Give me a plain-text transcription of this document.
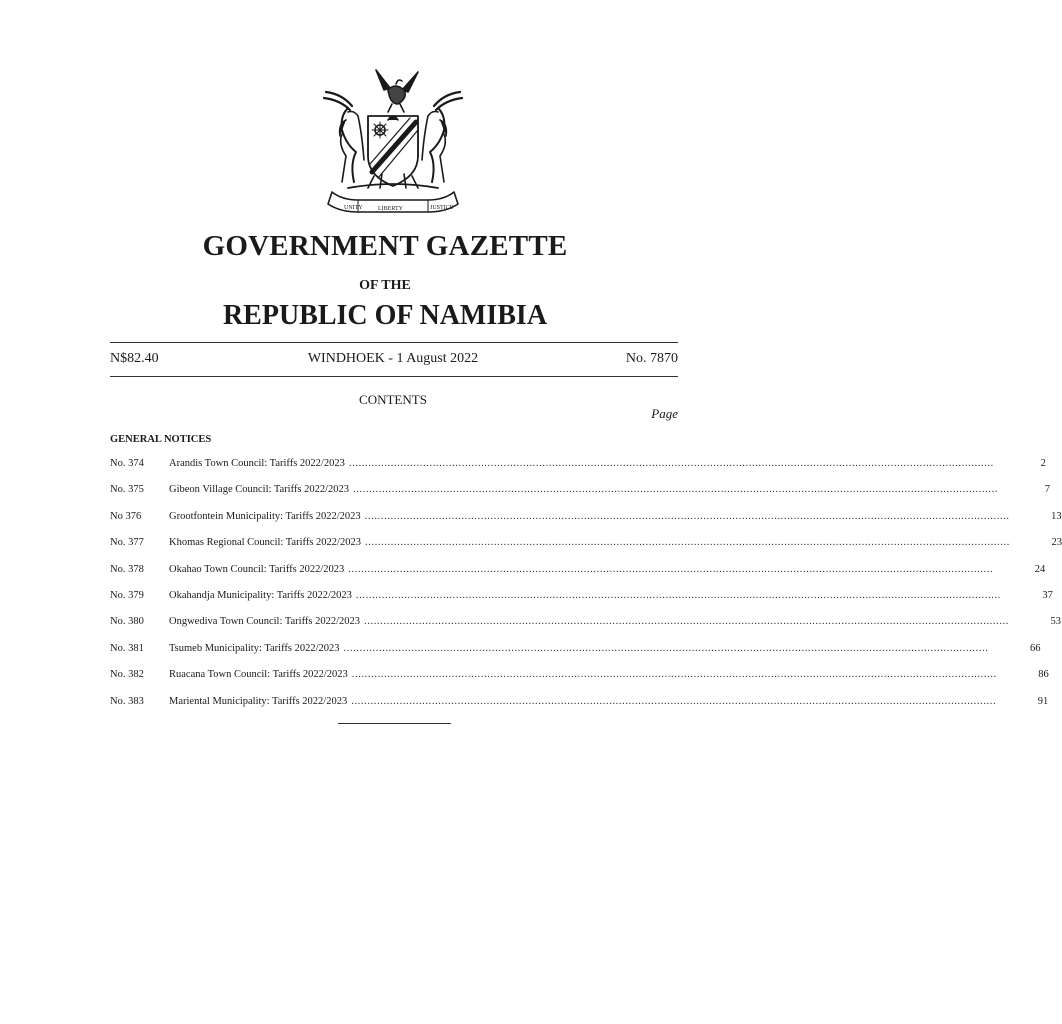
UNITY	LIBERTY	JUSTICE
GOVERNMENT GAZETTE
OF THE
REPUBLIC OF NAMIBIA
N$82.40	WINDHOEK - 1 August 2022	No. 7870
CONTENTS
Page
GENERAL NOTICES
No. 374	Arandis Town Council: Tariffs 2022/2023 ........................................................................................................................................................................................................	2
No. 375	Gibeon Village Council: Tariffs 2022/2023 ........................................................................................................................................................................................................	7
No 376	Grootfontein Municipality: Tariffs 2022/2023 ........................................................................................................................................................................................................	13
No. 377	Khomas Regional Council: Tariffs 2022/2023 ........................................................................................................................................................................................................	23
No. 378	Okahao Town Council: Tariffs 2022/2023 ........................................................................................................................................................................................................	24
No. 379	Okahandja Municipality: Tariffs 2022/2023 ........................................................................................................................................................................................................	37
No. 380	Ongwediva Town Council: Tariffs 2022/2023 ........................................................................................................................................................................................................	53
No. 381	Tsumeb Municipality: Tariffs 2022/2023 ........................................................................................................................................................................................................	66
No. 382	Ruacana Town Council: Tariffs 2022/2023 ........................................................................................................................................................................................................	86
No. 383	Mariental Municipality: Tariffs 2022/2023 ........................................................................................................................................................................................................	91
